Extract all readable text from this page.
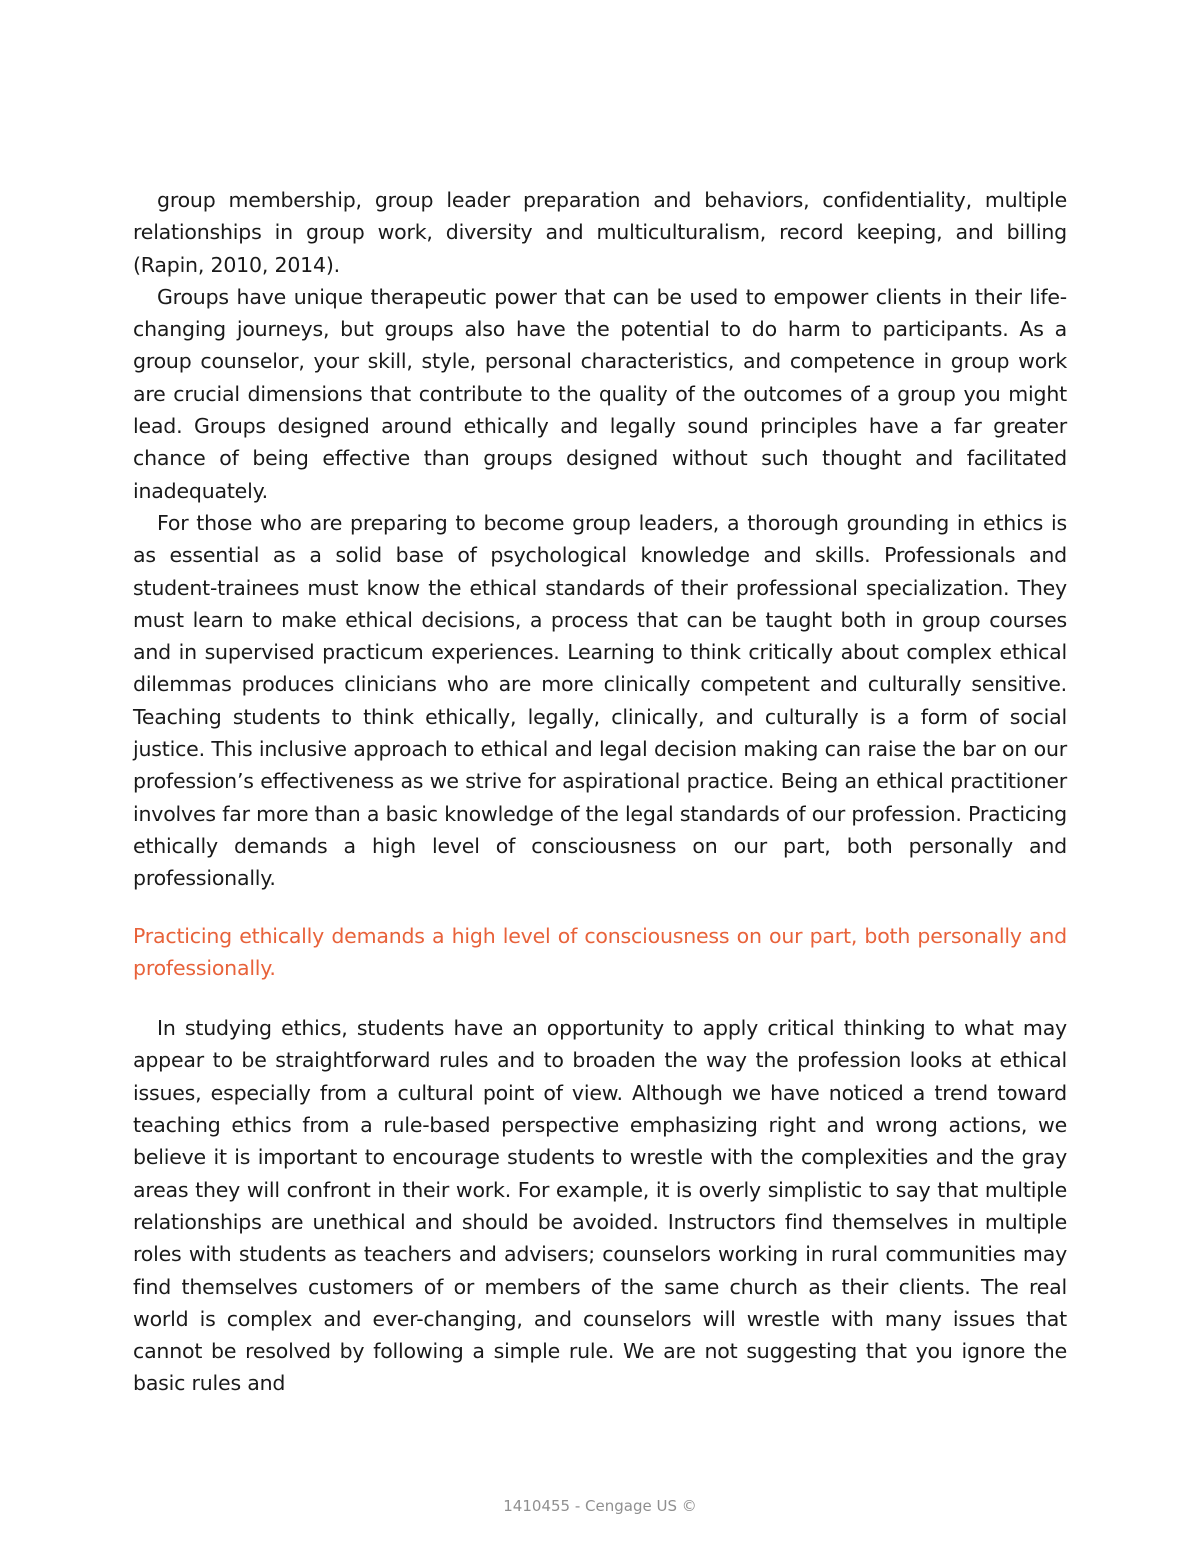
group membership, group leader preparation and behaviors, confidentiality, multiple relationships in group work, diversity and multiculturalism, record keeping, and billing (Rapin, 2010, 2014).

Groups have unique therapeutic power that can be used to empower clients in their life-changing journeys, but groups also have the potential to do harm to participants. As a group counselor, your skill, style, personal characteristics, and competence in group work are crucial dimensions that contribute to the quality of the outcomes of a group you might lead. Groups designed around ethically and legally sound principles have a far greater chance of being effective than groups designed without such thought and facilitated inadequately.

For those who are preparing to become group leaders, a thorough grounding in ethics is as essential as a solid base of psychological knowledge and skills. Professionals and student-trainees must know the ethical standards of their professional specialization. They must learn to make ethical decisions, a process that can be taught both in group courses and in supervised practicum experiences. Learning to think critically about complex ethical dilemmas produces clinicians who are more clinically competent and culturally sensitive. Teaching students to think ethically, legally, clinically, and culturally is a form of social justice. This inclusive approach to ethical and legal decision making can raise the bar on our profession’s effectiveness as we strive for aspirational practice. Being an ethical practitioner involves far more than a basic knowledge of the legal standards of our profession. Practicing ethically demands a high level of consciousness on our part, both personally and professionally.

Practicing ethically demands a high level of consciousness on our part, both personally and professionally.

In studying ethics, students have an opportunity to apply critical thinking to what may appear to be straightforward rules and to broaden the way the profession looks at ethical issues, especially from a cultural point of view. Although we have noticed a trend toward teaching ethics from a rule-based perspective emphasizing right and wrong actions, we believe it is important to encourage students to wrestle with the complexities and the gray areas they will confront in their work. For example, it is overly simplistic to say that multiple relationships are unethical and should be avoided. Instructors find themselves in multiple roles with students as teachers and advisers; counselors working in rural communities may find themselves customers of or members of the same church as their clients. The real world is complex and ever-changing, and counselors will wrestle with many issues that cannot be resolved by following a simple rule. We are not suggesting that you ignore the basic rules and

1410455 - Cengage US ©
